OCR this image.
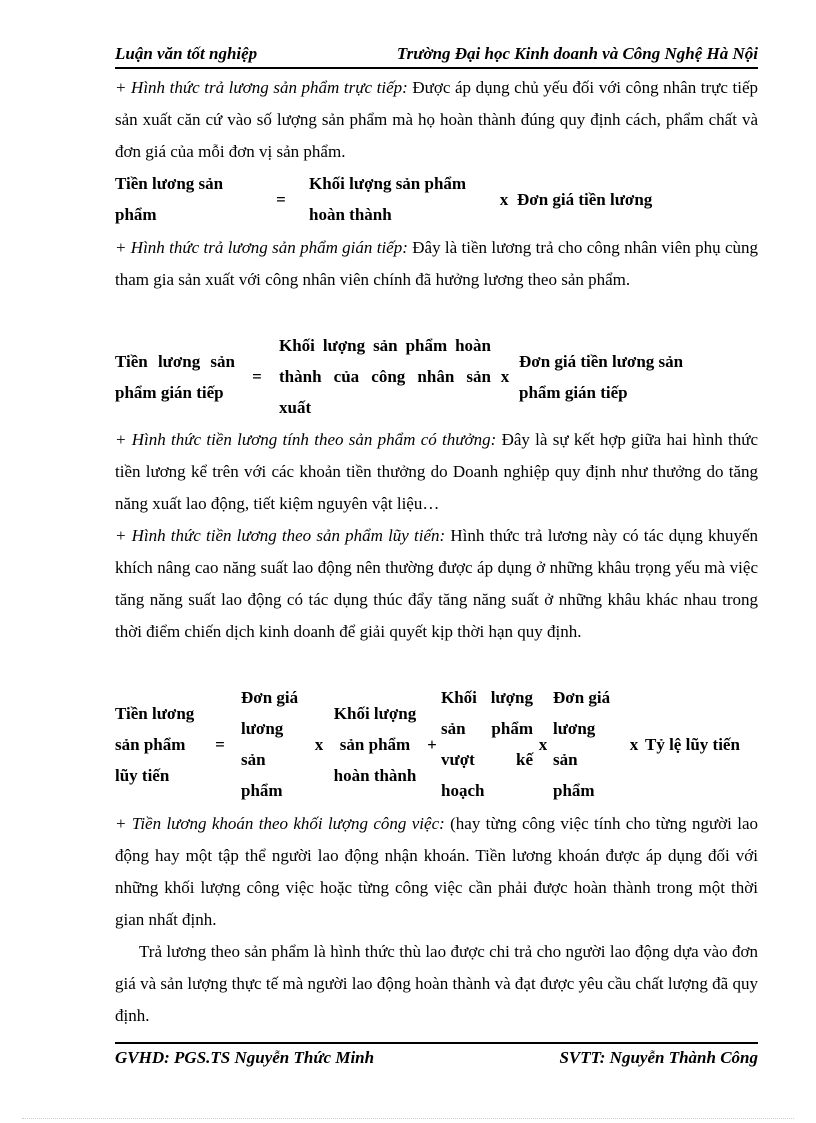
Luận văn tốt nghiệp	Trường Đại học Kinh doanh và Công Nghệ Hà Nội

+ Hình thức trả lương sản phẩm trực tiếp: Được áp dụng chủ yếu đối với công nhân trực tiếp sản xuất căn cứ vào số lượng sản phẩm mà họ hoàn thành đúng quy định cách, phẩm chất và đơn giá của mỗi đơn vị sản phẩm.

Tiền lương sản phẩm	=	Khối lượng sản phẩm hoàn thành	x	Đơn giá tiền lương

+ Hình thức trả lương sản phẩm gián tiếp: Đây là tiền lương trả cho công nhân viên phụ cùng tham gia sản xuất với công nhân viên chính đã hưởng lương theo sản phẩm.

Tiền lương sản phẩm gián tiếp	=	Khối lượng sản phẩm hoàn thành của công nhân sản xuất	x	Đơn giá tiền lương sản phẩm gián tiếp	

+ Hình thức tiền lương tính theo sản phẩm có thưởng: Đây là sự kết hợp giữa hai hình thức tiền lương kể trên với các khoản tiền thưởng do Doanh nghiệp quy định như thưởng do tăng năng xuất lao động, tiết kiệm nguyên vật liệu…

+ Hình thức tiền lương theo sản phẩm lũy tiến: Hình thức trả lương này có tác dụng khuyến khích nâng cao năng suất lao động nên thường được áp dụng ở những khâu trọng yếu mà việc tăng năng suất lao động có tác dụng thúc đẩy tăng năng suất ở những khâu khác nhau trong thời điểm chiến dịch kinh doanh để giải quyết kịp thời hạn quy định.

Tiền lương sản phẩm lũy tiến	=	Đơn giá lương sản phẩm	x	Khối lượng sản phẩm hoàn thành	+	Khối lượng sản phẩm vượt kế hoạch	x	Đơn giá lương sản phẩm	x	Tỷ lệ lũy tiến

+ Tiền lương khoán theo khối lượng công việc: (hay từng công việc tính cho từng người lao động hay một tập thể người lao động nhận khoán. Tiền lương khoán được áp dụng đối với những khối lượng công việc hoặc từng công việc cần phải được hoàn thành trong một thời gian nhất định.

Trả lương theo sản phẩm là hình thức thù lao được chi trả cho người lao động dựa vào đơn giá và sản lượng thực tế mà người lao động hoàn thành và đạt được yêu cầu chất lượng đã quy định.

GVHD: PGS.TS Nguyễn Thức Minh	SVTT: Nguyễn Thành Công
